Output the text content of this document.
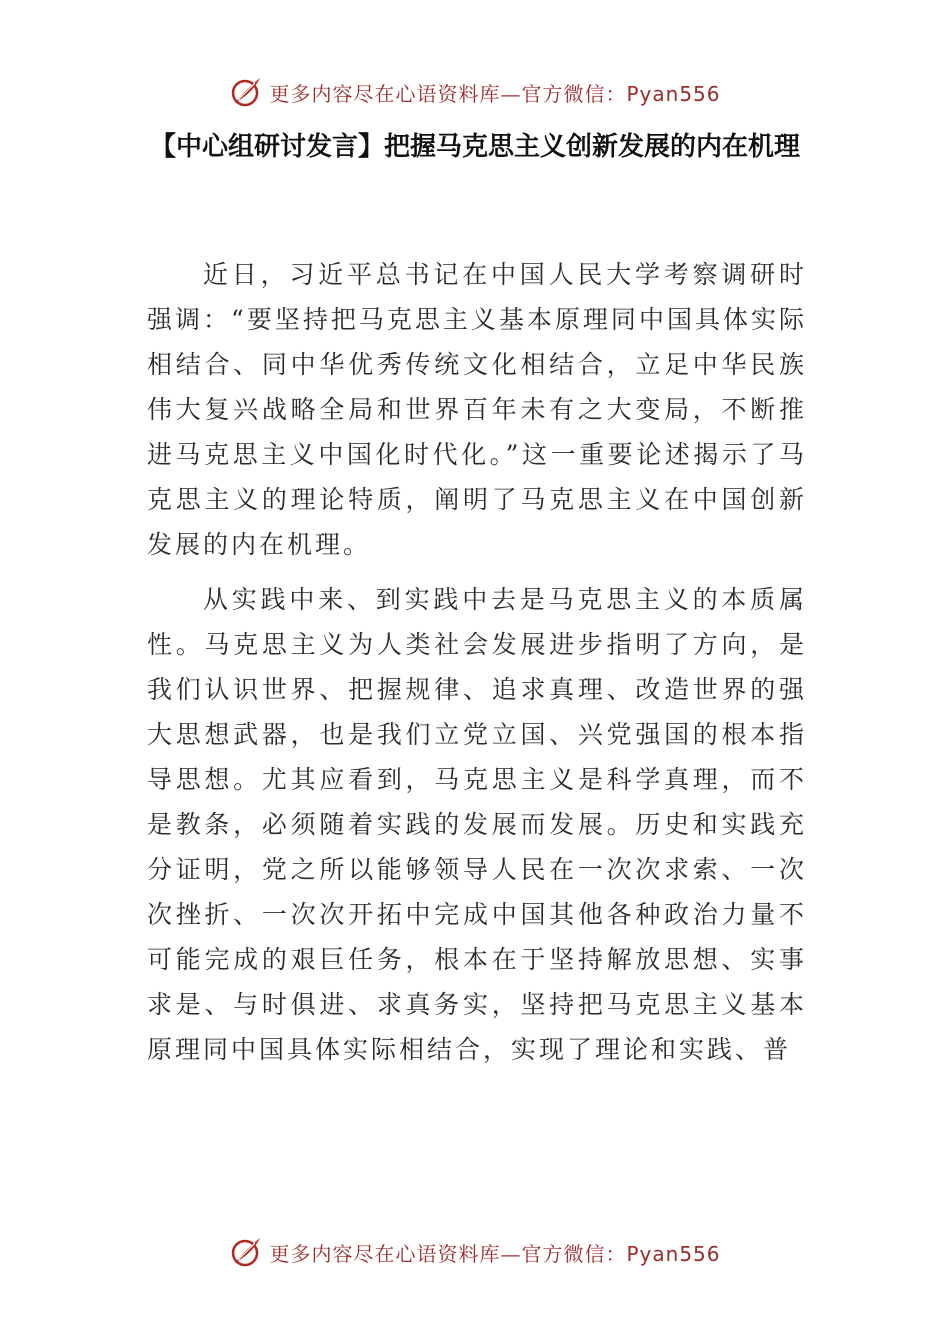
更多内容尽在心语资料库—官方微信：Pyan556
【中心组研讨发言】把握马克思主义创新发展的内在机理

近日，习近平总书记在中国人民大学考察调研时强调：“要坚持把马克思主义基本原理同中国具体实际相结合、同中华优秀传统文化相结合，立足中华民族伟大复兴战略全局和世界百年未有之大变局，不断推进马克思主义中国化时代化。”这一重要论述揭示了马克思主义的理论特质，阐明了马克思主义在中国创新发展的内在机理。

从实践中来、到实践中去是马克思主义的本质属性。马克思主义为人类社会发展进步指明了方向，是我们认识世界、把握规律、追求真理、改造世界的强大思想武器，也是我们立党立国、兴党强国的根本指导思想。尤其应看到，马克思主义是科学真理，而不是教条，必须随着实践的发展而发展。历史和实践充分证明，党之所以能够领导人民在一次次求索、一次次挫折、一次次开拓中完成中国其他各种政治力量不可能完成的艰巨任务，根本在于坚持解放思想、实事求是、与时俱进、求真务实，坚持把马克思主义基本原理同中国具体实际相结合，实现了理论和实践、普

更多内容尽在心语资料库—官方微信：Pyan556
